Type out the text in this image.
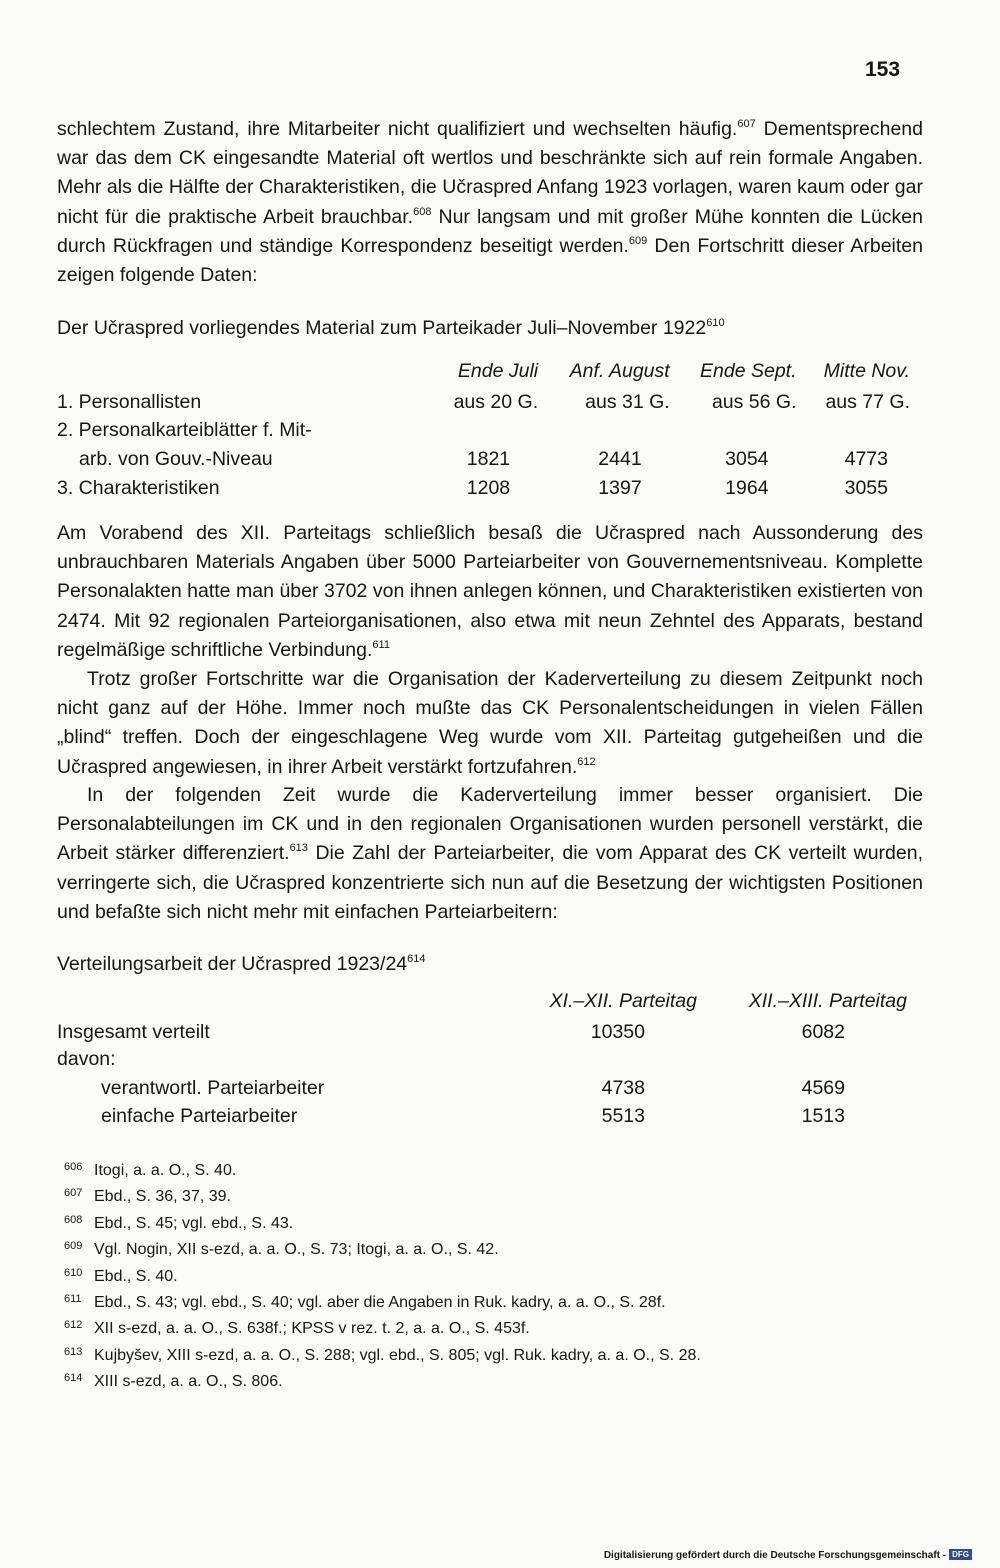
153

schlechtem Zustand, ihre Mitarbeiter nicht qualifiziert und wechselten häufig.$^{607}$ Dementsprechend war das dem CK eingesandte Material oft wertlos und beschränkte sich auf rein formale Angaben. Mehr als die Hälfte der Charakteristiken, die Učraspred Anfang 1923 vorlagen, waren kaum oder gar nicht für die praktische Arbeit brauchbar.$^{608}$ Nur langsam und mit großer Mühe konnten die Lücken durch Rückfragen und ständige Korrespondenz beseitigt werden.$^{609}$ Den Fortschritt dieser Arbeiten zeigen folgende Daten:

Der Učraspred vorliegendes Material zum Parteikader Juli–November 1922$^{610}$
	Ende Juli	Anf. August	Ende Sept.	Mitte Nov.
1. Personallisten	aus 20 G.	aus 31 G.	aus 56 G.	aus 77 G.
2. Personalkarteiblätter f. Mit-				
arb. von Gouv.-Niveau	1821	2441	3054	4773
3. Charakteristiken	1208	1397	1964	3055

Am Vorabend des XII. Parteitags schließlich besaß die Učraspred nach Aussonderung des unbrauchbaren Materials Angaben über 5000 Parteiarbeiter von Gouvernementsniveau. Komplette Personalakten hatte man über 3702 von ihnen anlegen können, und Charakteristiken existierten von 2474. Mit 92 regionalen Parteiorganisationen, also etwa mit neun Zehntel des Apparats, bestand regelmäßige schriftliche Verbindung.$^{611}$

Trotz großer Fortschritte war die Organisation der Kaderverteilung zu diesem Zeitpunkt noch nicht ganz auf der Höhe. Immer noch mußte das CK Personalentscheidungen in vielen Fällen „blind“ treffen. Doch der eingeschlagene Weg wurde vom XII. Parteitag gutgeheißen und die Učraspred angewiesen, in ihrer Arbeit verstärkt fortzufahren.$^{612}$

In der folgenden Zeit wurde die Kaderverteilung immer besser organisiert. Die Personalabteilungen im CK und in den regionalen Organisationen wurden personell verstärkt, die Arbeit stärker differenziert.$^{613}$ Die Zahl der Parteiarbeiter, die vom Apparat des CK verteilt wurden, verringerte sich, die Učraspred konzentrierte sich nun auf die Besetzung der wichtigsten Positionen und befaßte sich nicht mehr mit einfachen Parteiarbeitern:

Verteilungsarbeit der Učraspred $1923/24^{614}$
	XI.–XII. Parteitag	XII.–XIII. Parteitag
Insgesamt verteilt	10350	6082
davon:		
verantwortl. Parteiarbeiter	4738	4569
einfache Parteiarbeiter	5513	1513
606 Itogi, a. a. O., S. 40.
607 Ebd., S. 36, 37, 39.
608 Ebd., S. 45; vgl. ebd., S. 43.
609 Vgl. Nogin, XII s-ezd, a. a. O., S. 73; Itogi, a. a. O., S. 42.
610 Ebd., S. 40.
611 Ebd., S. 43; vgl. ebd., S. 40; vgl. aber die Angaben in Ruk. kadry, a. a. O., S. 28f.
612 XII s-ezd, a. a. O., S. 638f.; KPSS v rez. t. 2, a. a. O., S. 453f.
613 Kujbyšev, XIII s-ezd, a. a. O., S. 288; vgl. ebd., S. 805; vgl. Ruk. kadry, a. a. O., S. 28.
614 XIII s-ezd, a. a. O., S. 806.
Digitalisierung gefördert durch die Deutsche Forschungsgemeinschaft - DFG
